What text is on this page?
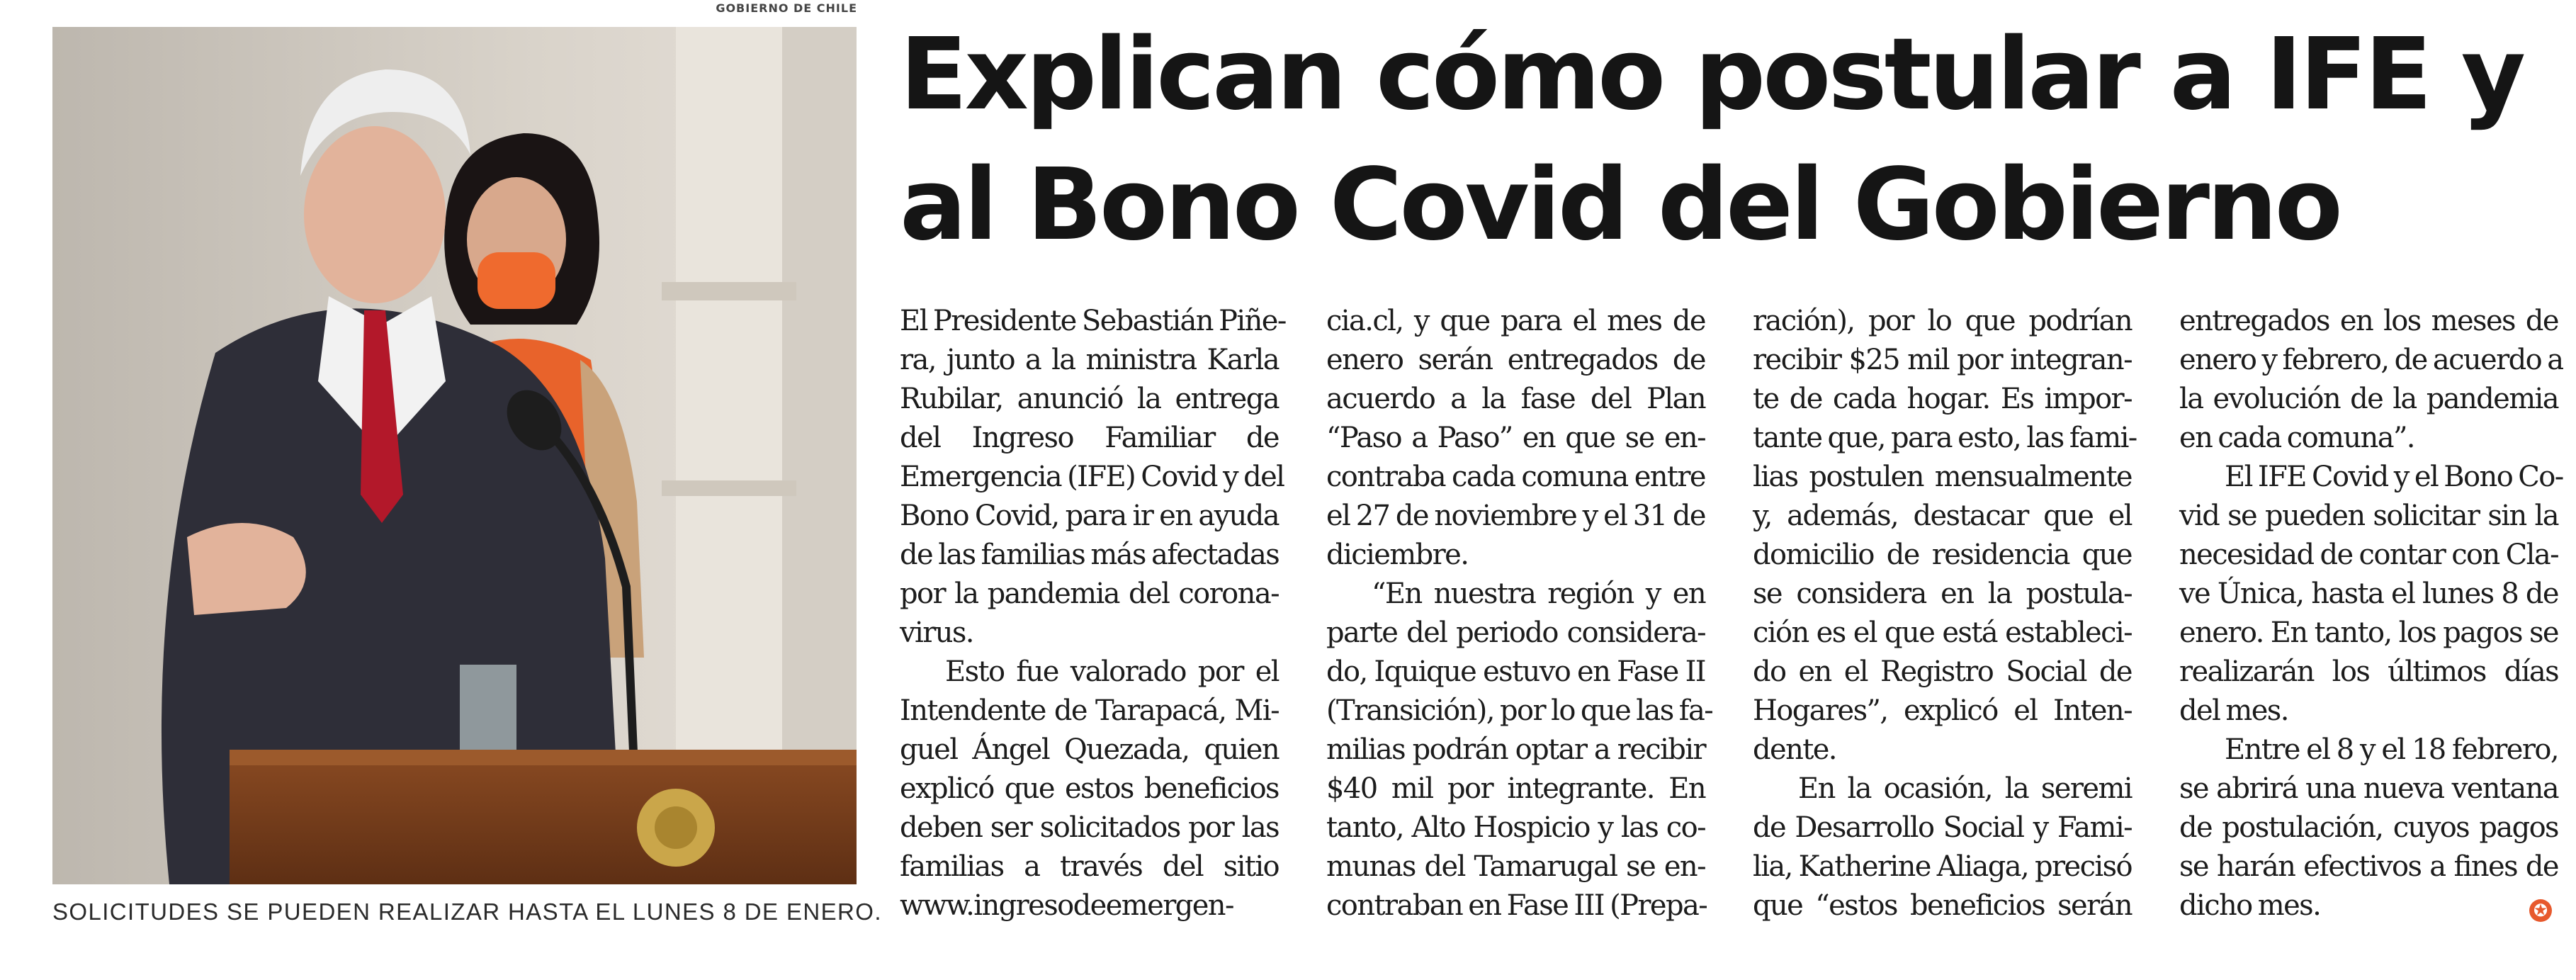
GOBIERNO DE CHILE
SOLICITUDES SE PUEDEN REALIZAR HASTA EL LUNES 8 DE ENERO.
Explican cómo postular a IFE y al Bono Covid del Gobierno
El Presidente Sebastián Piñe-
ra, junto a la ministra Karla
Rubilar, anunció la entrega
del Ingreso Familiar de
Emergencia (IFE) Covid y del
Bono Covid, para ir en ayuda
de las familias más afectadas
por la pandemia del corona-
virus.
Esto fue valorado por el
Intendente de Tarapacá, Mi-
guel Ángel Quezada, quien
explicó que estos beneficios
deben ser solicitados por las
familias a través del sitio
www.ingresodeemergen-
cia.cl, y que para el mes de
enero serán entregados de
acuerdo a la fase del Plan
“Paso a Paso” en que se en-
contraba cada comuna entre
el 27 de noviembre y el 31 de
diciembre.
“En nuestra región y en
parte del periodo considera-
do, Iquique estuvo en Fase II
(Transición), por lo que las fa-
milias podrán optar a recibir
$40 mil por integrante. En
tanto, Alto Hospicio y las co-
munas del Tamarugal se en-
contraban en Fase III (Prepa-
ración), por lo que podrían
recibir $25 mil por integran-
te de cada hogar. Es impor-
tante que, para esto, las fami-
lias postulen mensualmente
y, además, destacar que el
domicilio de residencia que
se considera en la postula-
ción es el que está estableci-
do en el Registro Social de
Hogares”, explicó el Inten-
dente.
En la ocasión, la seremi
de Desarrollo Social y Fami-
lia, Katherine Aliaga, precisó
que “estos beneficios serán
entregados en los meses de
enero y febrero, de acuerdo a
la evolución de la pandemia
en cada comuna”.
El IFE Covid y el Bono Co-
vid se pueden solicitar sin la
necesidad de contar con Cla-
ve Única, hasta el lunes 8 de
enero. En tanto, los pagos se
realizarán los últimos días
del mes.
Entre el 8 y el 18 febrero,
se abrirá una nueva ventana
de postulación, cuyos pagos
se harán efectivos a fines de
dicho mes.	✪
